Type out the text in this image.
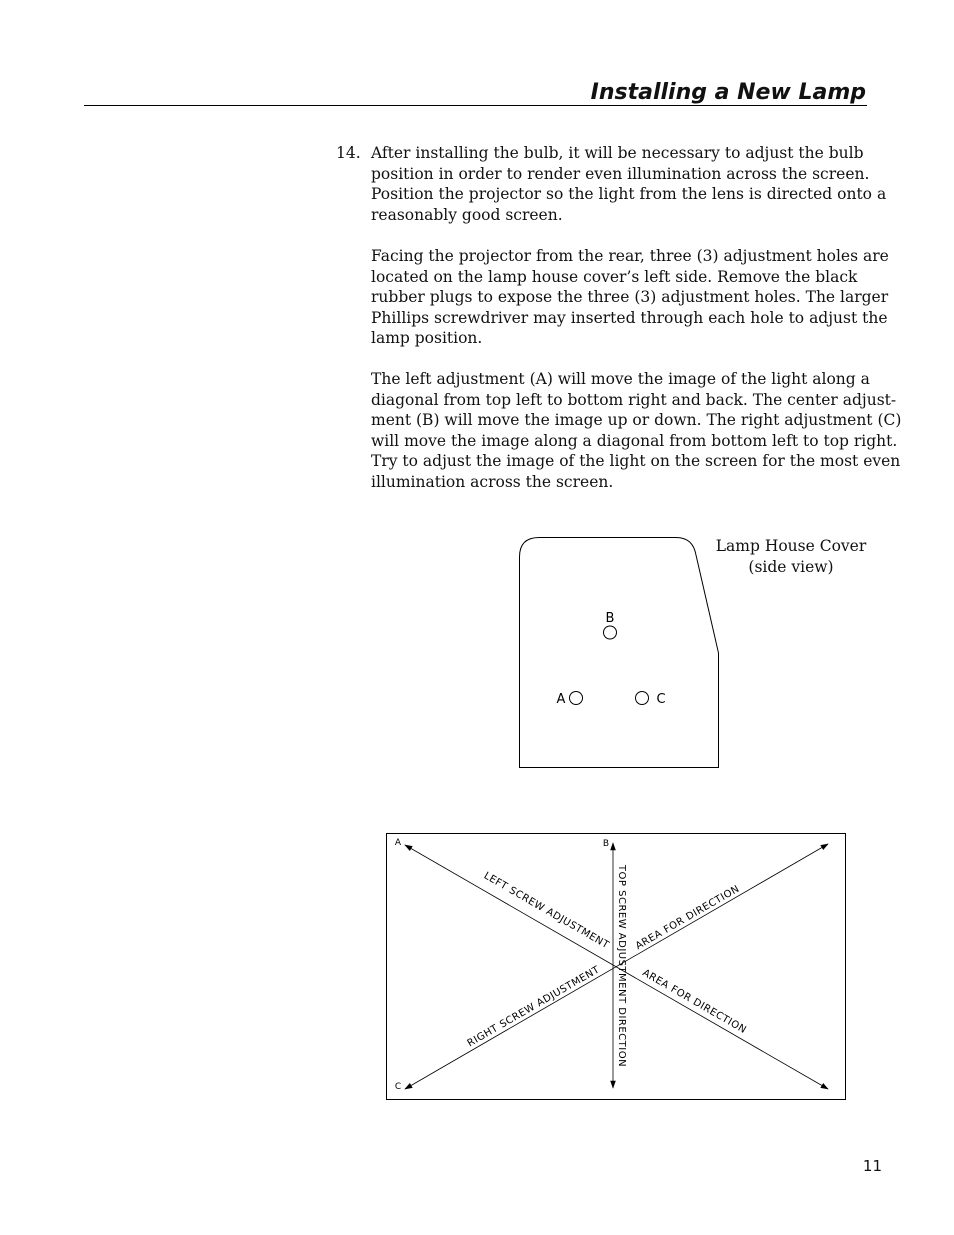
Installing a New Lamp
14. After installing the bulb, it will be necessary to adjust the bulb
position in order to render even illumination across the screen.
Position the projector so the light from the lens is directed onto a
reasonably good screen.

Facing the projector from the rear, three (3) adjustment holes are
located on the lamp house cover’s left side. Remove the black
rubber plugs to expose the three (3) adjustment holes. The larger
Phillips screwdriver may inserted through each hole to adjust the
lamp position.

The left adjustment (A) will move the image of the light along a
diagonal from top left to bottom right and back. The center adjust-
ment (B) will move the image up or down. The right adjustment (C)
will move the image along a diagonal from bottom left to top right.
Try to adjust the image of the light on the screen for the most even
illumination across the screen.

B
A	C
Lamp House Cover
(side view)
A	B
C
LEFT SCREW ADJUSTMENT
RIGHT SCREW ADJUSTMENT TOP SCREW ADJUSTMENT DIRECTION AREA FOR DIRECTION
AREA FOR DIRECTION
11
